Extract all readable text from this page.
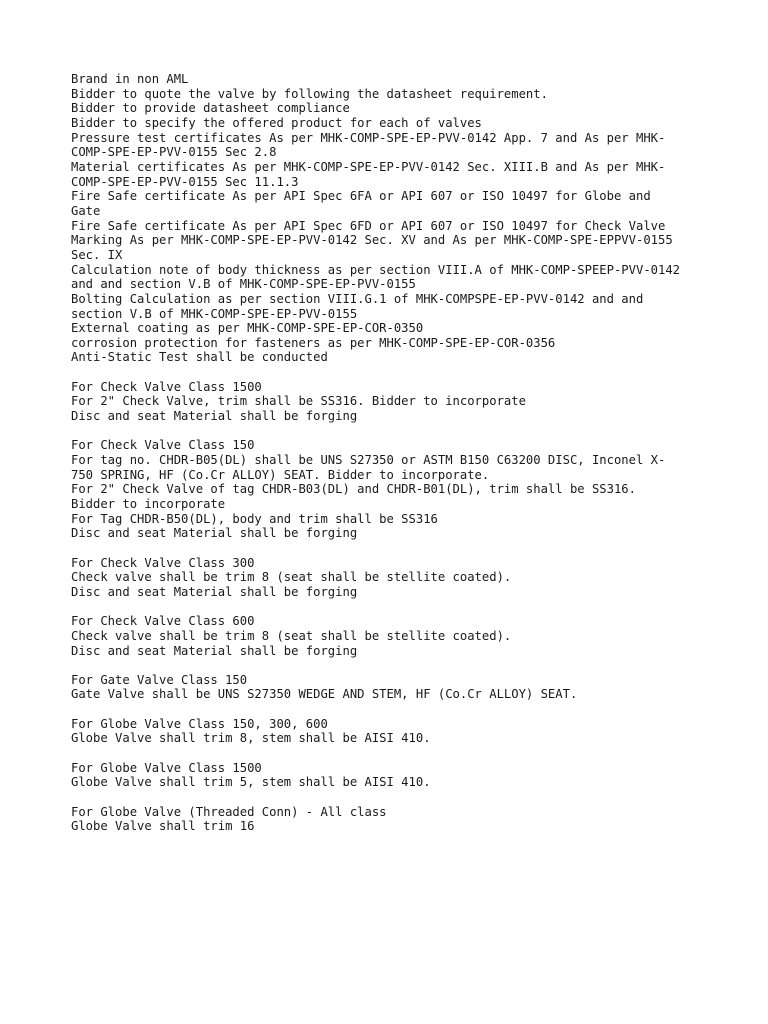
Brand in non AML
Bidder to quote the valve by following the datasheet requirement.
Bidder to provide datasheet compliance
Bidder to specify the offered product for each of valves
Pressure test certificates As per MHK-COMP-SPE-EP-PVV-0142 App. 7 and As per MHK-
COMP-SPE-EP-PVV-0155 Sec 2.8
Material certificates As per MHK-COMP-SPE-EP-PVV-0142 Sec. XIII.B and As per MHK-
COMP-SPE-EP-PVV-0155 Sec 11.1.3
Fire Safe certificate As per API Spec 6FA or API 607 or ISO 10497 for Globe and
Gate
Fire Safe certificate As per API Spec 6FD or API 607 or ISO 10497 for Check Valve
Marking As per MHK-COMP-SPE-EP-PVV-0142 Sec. XV and As per MHK-COMP-SPE-EPPVV-0155
Sec. IX
Calculation note of body thickness as per section VIII.A of MHK-COMP-SPEEP-PVV-0142
and and section V.B of MHK-COMP-SPE-EP-PVV-0155
Bolting Calculation as per section VIII.G.1 of MHK-COMPSPE-EP-PVV-0142 and and
section V.B of MHK-COMP-SPE-EP-PVV-0155
External coating as per MHK-COMP-SPE-EP-COR-0350
corrosion protection for fasteners as per MHK-COMP-SPE-EP-COR-0356
Anti-Static Test shall be conducted
For Check Valve Class 1500
For 2" Check Valve, trim shall be SS316. Bidder to incorporate
Disc and seat Material shall be forging
For Check Valve Class 150
For tag no. CHDR-B05(DL) shall be UNS S27350 or ASTM B150 C63200 DISC, Inconel X-
750 SPRING, HF (Co.Cr ALLOY) SEAT. Bidder to incorporate.
For 2" Check Valve of tag CHDR-B03(DL) and CHDR-B01(DL), trim shall be SS316.
Bidder to incorporate
For Tag CHDR-B50(DL), body and trim shall be SS316
Disc and seat Material shall be forging
For Check Valve Class 300
Check valve shall be trim 8 (seat shall be stellite coated).
Disc and seat Material shall be forging
For Check Valve Class 600
Check valve shall be trim 8 (seat shall be stellite coated).
Disc and seat Material shall be forging
For Gate Valve Class 150
Gate Valve shall be UNS S27350 WEDGE AND STEM, HF (Co.Cr ALLOY) SEAT.
For Globe Valve Class 150, 300, 600
Globe Valve shall trim 8, stem shall be AISI 410.
For Globe Valve Class 1500
Globe Valve shall trim 5, stem shall be AISI 410.
For Globe Valve (Threaded Conn) - All class
Globe Valve shall trim 16
